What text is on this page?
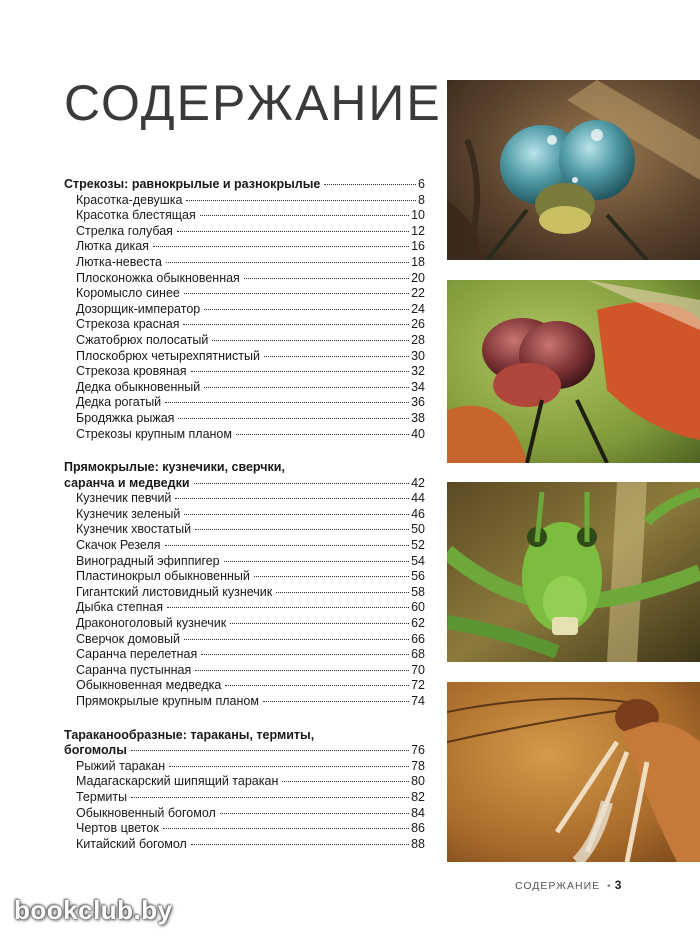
СОДЕРЖАНИЕ
Стрекозы: равнокрылые и разнокрылые	6
Красотка-девушка	8
Красотка блестящая	10
Стрелка голубая	12
Лютка дикая	16
Лютка-невеста	18
Плосконожка обыкновенная	20
Коромысло синее	22
Дозорщик-император	24
Стрекоза красная	26
Сжатобрюх полосатый	28
Плоскобрюх четырехпятнистый	30
Стрекоза кровяная	32
Дедка обыкновенный	34
Дедка рогатый	36
Бродяжка рыжая	38
Стрекозы крупным планом	40
Прямокрылые: кузнечики, сверчки,
саранча и медведки	42
Кузнечик певчий	44
Кузнечик зеленый	46
Кузнечик хвостатый	50
Скачок Резеля	52
Виноградный эфиппигер	54
Пластинокрыл обыкновенный	56
Гигантский листовидный кузнечик	58
Дыбка степная	60
Драконоголовый кузнечик	62
Сверчок домовый	66
Саранча перелетная	68
Саранча пустынная	70
Обыкновенная медведка	72
Прямокрылые крупным планом	74
Тараканообразные: тараканы, термиты,
богомолы	76
Рыжий таракан	78
Мадагаскарский шипящий таракан	80
Термиты	82
Обыкновенный богомол	84
Чертов цветок	86
Китайский богомол	88
СОДЕРЖАНИЕ • 3
bookclub.by
